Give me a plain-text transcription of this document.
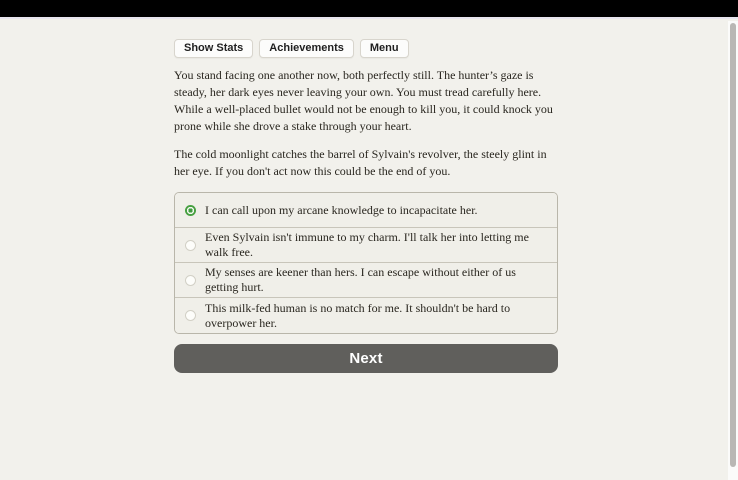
Show Stats	Achievements	Menu

You stand facing one another now, both perfectly still. The hunter’s gaze is steady, her dark eyes never leaving your own. You must tread carefully here. While a well-placed bullet would not be enough to kill you, it could knock you prone while she drove a stake through your heart.

The cold moonlight catches the barrel of Sylvain's revolver, the steely glint in her eye. If you don't act now this could be the end of you.

I can call upon my arcane knowledge to incapacitate her.
Even Sylvain isn't immune to my charm. I'll talk her into letting me walk free.
My senses are keener than hers. I can escape without either of us getting hurt.
This milk-fed human is no match for me. It shouldn't be hard to overpower her.
Next
